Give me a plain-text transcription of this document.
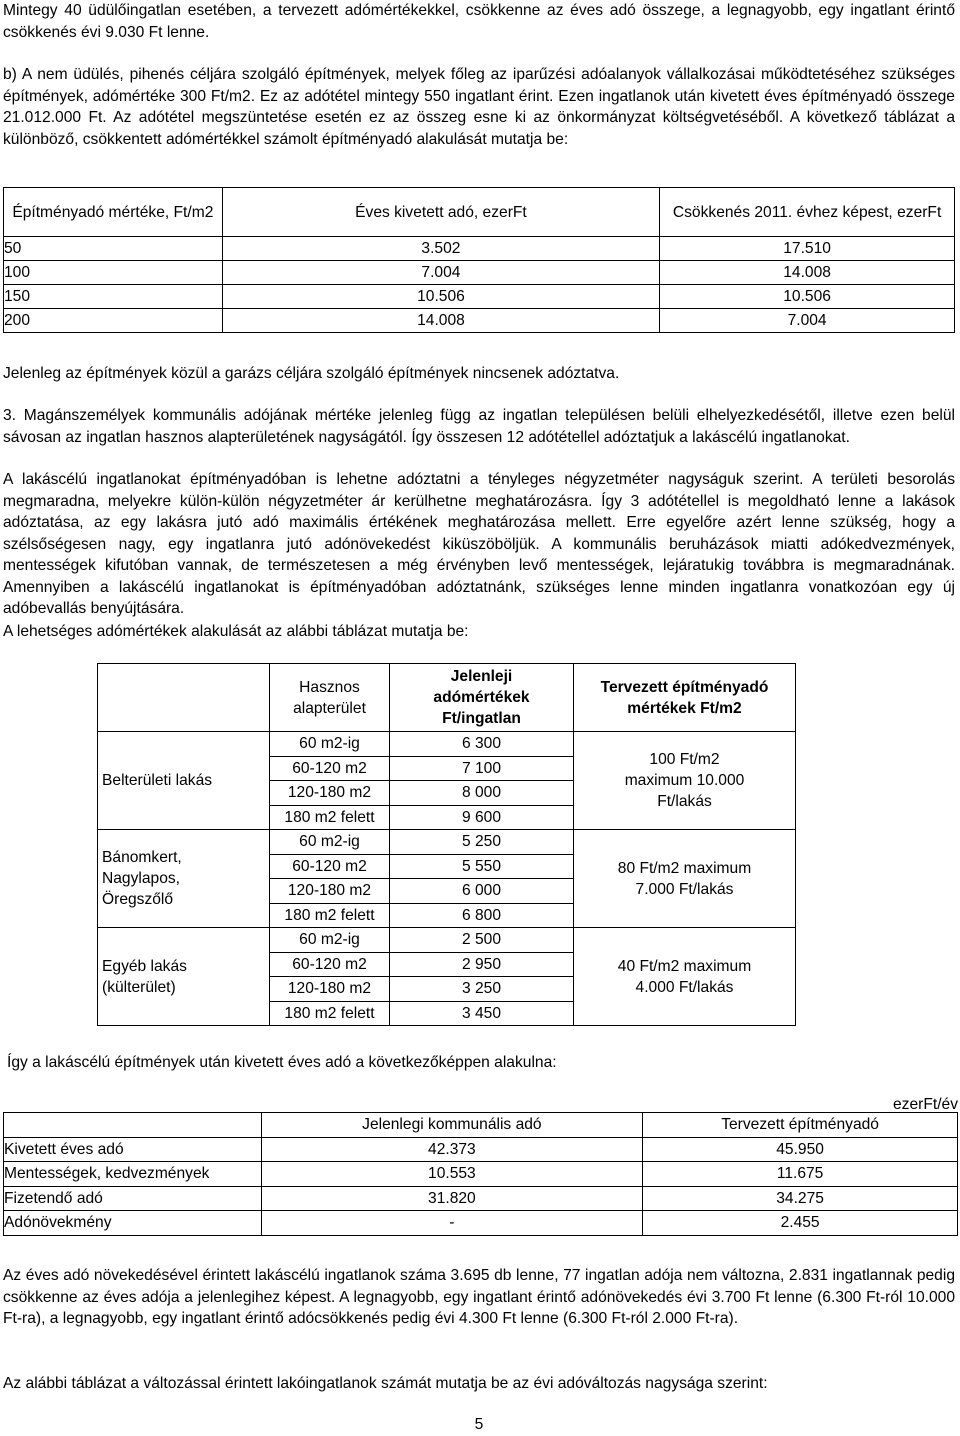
Mintegy 40 üdülőingatlan esetében, a tervezett adómértékekkel, csökkenne az éves adó összege, a legnagyobb, egy ingatlant érintő csökkenés évi 9.030 Ft lenne.

b) A nem üdülés, pihenés céljára szolgáló építmények, melyek főleg az iparűzési adóalanyok vállalkozásai működtetéséhez szükséges építmények, adómértéke 300 Ft/m2. Ez az adótétel mintegy 550 ingatlant érint. Ezen ingatlanok után kivetett éves építményadó összege 21.012.000 Ft. Az adótétel megszüntetése esetén ez az összeg esne ki az önkormányzat költségvetéséből. A következő táblázat a különböző, csökkentett adómértékkel számolt építményadó alakulását mutatja be:

Építményadó mértéke, Ft/m2	Éves kivetett adó, ezerFt	Csökkenés 2011. évhez képest, ezerFt
50	3.502	17.510
100	7.004	14.008
150	10.506	10.506
200	14.008	7.004

Jelenleg az építmények közül a garázs céljára szolgáló építmények nincsenek adóztatva.

3. Magánszemélyek kommunális adójának mértéke jelenleg függ az ingatlan településen belüli elhelyezkedésétől, illetve ezen belül sávosan az ingatlan hasznos alapterületének nagyságától. Így összesen 12 adótétellel adóztatjuk a lakáscélú ingatlanokat.

A lakáscélú ingatlanokat építményadóban is lehetne adóztatni a tényleges négyzetméter nagyságuk szerint. A területi besorolás megmaradna, melyekre külön-külön négyzetméter ár kerülhetne meghatározásra. Így 3 adótétellel is megoldható lenne a lakások adóztatása, az egy lakásra jutó adó maximális értékének meghatározása mellett. Erre egyelőre azért lenne szükség, hogy a szélsőségesen nagy, egy ingatlanra jutó adónövekedést kiküszöböljük. A kommunális beruházások miatti adókedvezmények, mentességek kifutóban vannak, de természetesen a még érvényben levő mentességek, lejáratukig továbbra is megmaradnának. Amennyiben a lakáscélú ingatlanokat is építményadóban adóztatnánk, szükséges lenne minden ingatlanra vonatkozóan egy új adóbevallás benyújtására.

A lehetséges adómértékek alakulását az alábbi táblázat mutatja be:

	Hasznos alapterület	Jelenleji adómértékek Ft/ingatlan	Tervezett építményadó mértékek Ft/m2
Belterületi lakás	60 m2-ig	6 300	100 Ft/m2 maximum 10.000 Ft/lakás
	60-120 m2	7 100	
	120-180 m2	8 000	
	180 m2 felett	9 600	
Bánomkert, Nagylapos, Öregszőlő	60 m2-ig	5 250	80 Ft/m2 maximum 7.000 Ft/lakás
	60-120 m2	5 550	
	120-180 m2	6 000	
	180 m2 felett	6 800	
Egyéb lakás (külterület)	60 m2-ig	2 500	40 Ft/m2 maximum 4.000 Ft/lakás
	60-120 m2	2 950	
	120-180 m2	3 250	
	180 m2 felett	3 450	

Így a lakáscélú építmények után kivetett éves adó a következőképpen alakulna:

ezerFt/év
	Jelenlegi kommunális adó	Tervezett építményadó
Kivetett éves adó	42.373	45.950
Mentességek, kedvezmények	10.553	11.675
Fizetendő adó	31.820	34.275
Adónövekmény	-	2.455

Az éves adó növekedésével érintett lakáscélú ingatlanok száma 3.695 db lenne, 77 ingatlan adója nem változna, 2.831 ingatlannak pedig csökkenne az éves adója a jelenlegihez képest. A legnagyobb, egy ingatlant érintő adónövekedés évi 3.700 Ft lenne (6.300 Ft-ról 10.000 Ft-ra), a legnagyobb, egy ingatlant érintő adócsökkenés pedig évi 4.300 Ft lenne (6.300 Ft-ról 2.000 Ft-ra).

Az alábbi táblázat a változással érintett lakóingatlanok számát mutatja be az évi adóváltozás nagysága szerint:

5
